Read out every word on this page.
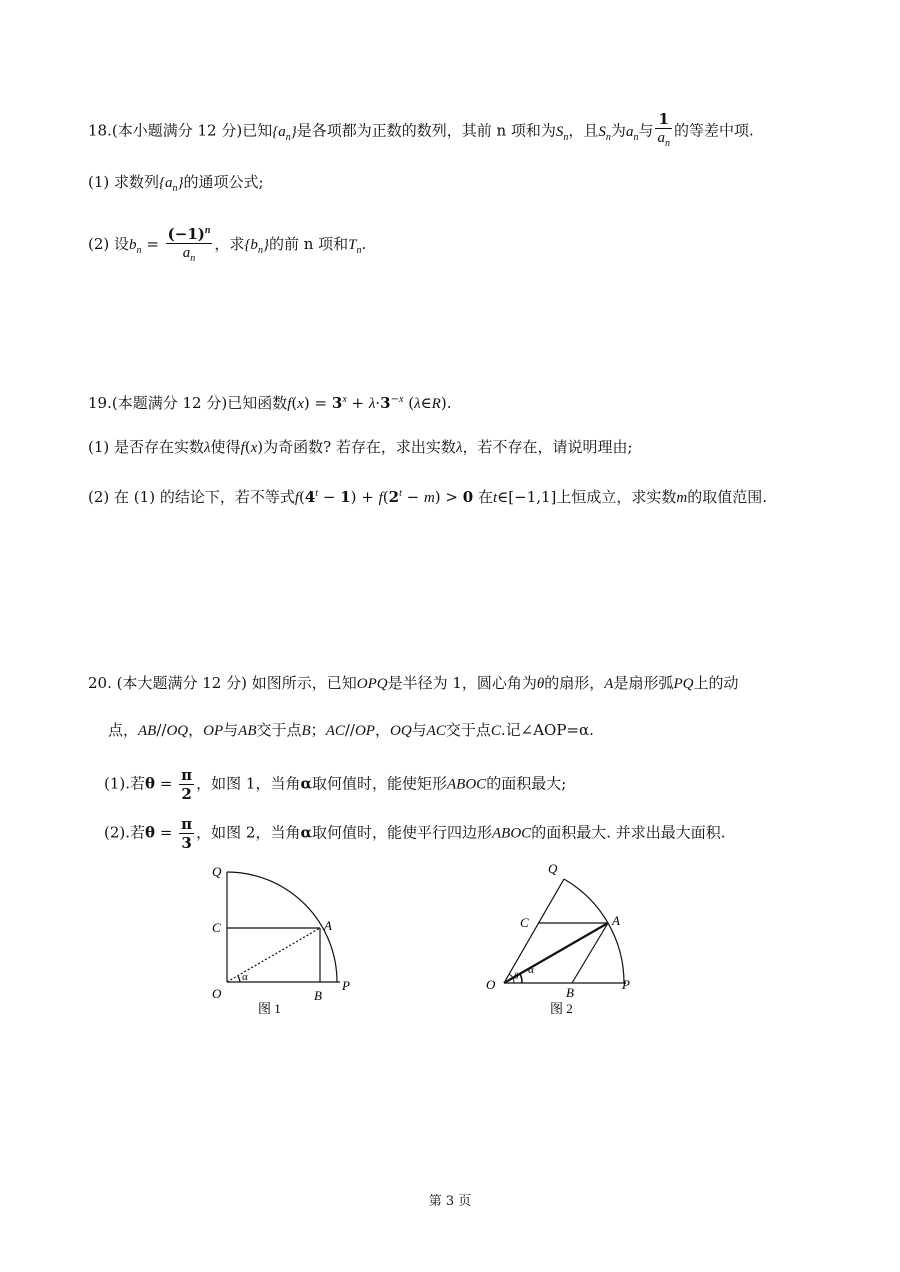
18.(本小题满分 12 分)已知$\{a_n\}$是各项都为正数的数列，其前 n 项和为$S_n$，且$S_n$为$a_n$与 $\frac{1}{a_n}$ 的等差中项.
(1) 求数列$\{a_n\}$的通项公式;
(2) 设$b_n = \frac{(-1)^n}{a_n}$ ，求$\{b_n\}$的前 n 项和$T_n$.
19.(本题满分 12 分)已知函数$f(x) = 3^x + \lambda\cdot 3^{-x}$ (λ∈R).
(1) 是否存在实数λ使得f(x)为奇函数? 若存在，求出实数λ，若不存在，请说明理由;
(2) 在 (1) 的结论下，若不等式$f(4^t - 1) + f(2^t - m) > 0$ 在t∈[−1,1]上恒成立，求实数m的取值范围.
20. (本大题满分 12 分) 如图所示，已知OPQ是半径为 1，圆心角为θ的扇形，A是扇形弧PQ上的动
点，AB//OQ，OP与AB交于点B；AC//OP，OQ与AC交于点C.记∠AOP=α.
(1).若$\theta = \frac{\pi}{2}$ ，如图 1，当角α取何值时，能使矩形ABOC的面积最大;
(2).若$\theta = \frac{\pi}{3}$ ，如图 2，当角α取何值时，能使平行四边形ABOC的面积最大. 并求出最大面积.
Q
C
O
A
B
P
α
图 1
Q
C	A
O
B
P
α
θ
图 2
第 3 页
